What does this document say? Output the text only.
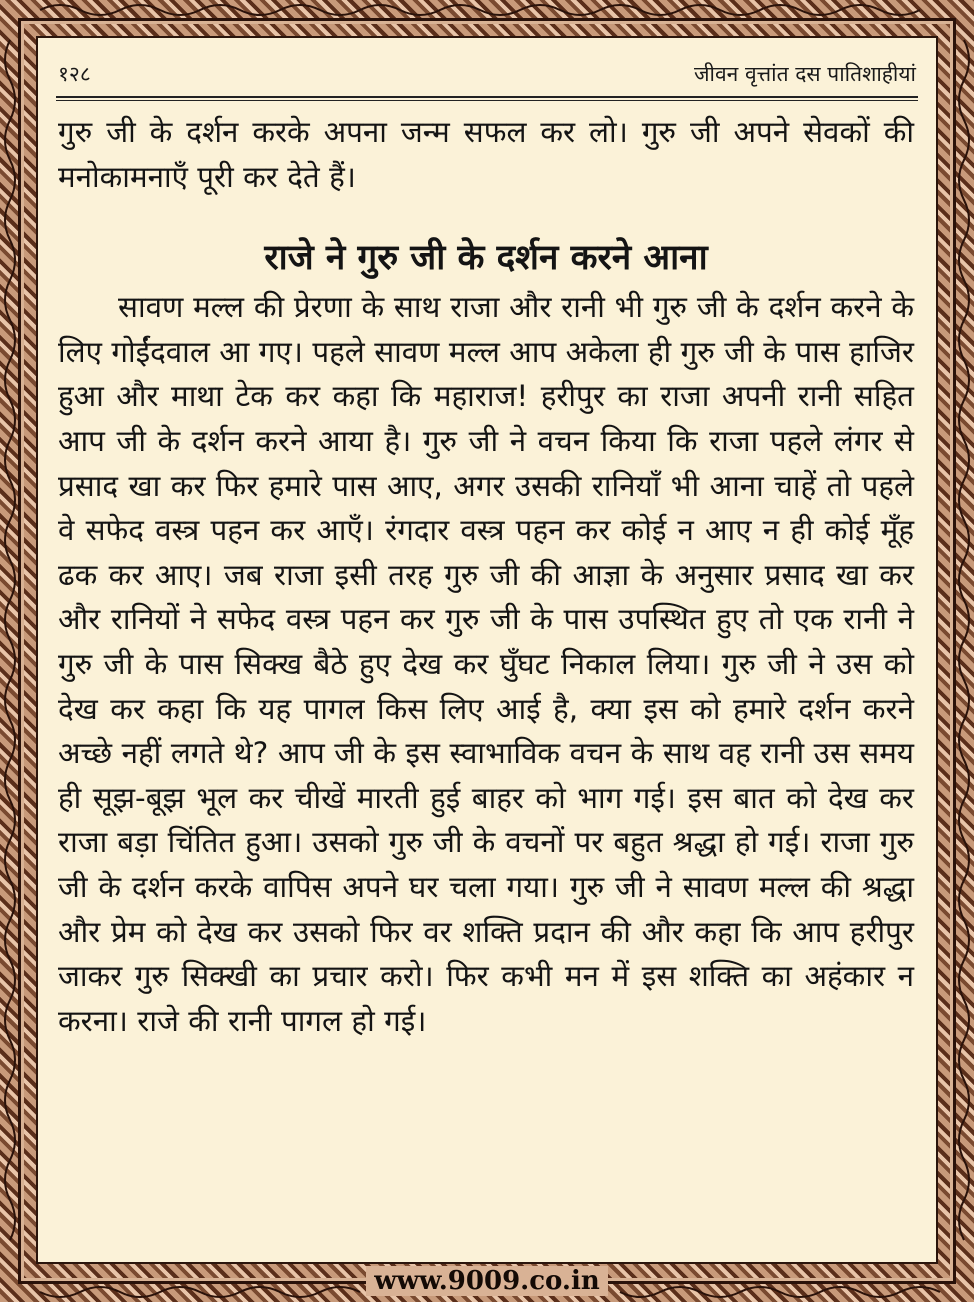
१२८	जीवन वृत्तांत दस पातिशाहीयां

गुरु जी के दर्शन करके अपना जन्म सफल कर लो। गुरु जी अपने सेवकों की मनोकामनाएँ पूरी कर देते हैं।

राजे ने गुरु जी के दर्शन करने आना

सावण मल्ल की प्रेरणा के साथ राजा और रानी भी गुरु जी के दर्शन करने के लिए गोईंदवाल आ गए। पहले सावण मल्ल आप अकेला ही गुरु जी के पास हाजिर हुआ और माथा टेक कर कहा कि महाराज! हरीपुर का राजा अपनी रानी सहित आप जी के दर्शन करने आया है। गुरु जी ने वचन किया कि राजा पहले लंगर से प्रसाद खा कर फिर हमारे पास आए, अगर उसकी रानियाँ भी आना चाहें तो पहले वे सफेद वस्त्र पहन कर आएँ। रंगदार वस्त्र पहन कर कोई न आए न ही कोई मूँह ढक कर आए। जब राजा इसी तरह गुरु जी की आज्ञा के अनुसार प्रसाद खा कर और रानियों ने सफेद वस्त्र पहन कर गुरु जी के पास उपस्थित हुए तो एक रानी ने गुरु जी के पास सिक्ख बैठे हुए देख कर घुँघट निकाल लिया। गुरु जी ने उस को देख कर कहा कि यह पागल किस लिए आई है, क्या इस को हमारे दर्शन करने अच्छे नहीं लगते थे? आप जी के इस स्वाभाविक वचन के साथ वह रानी उस समय ही सूझ-बूझ भूल कर चीखें मारती हुई बाहर को भाग गई। इस बात को देख कर राजा बड़ा चिंतित हुआ। उसको गुरु जी के वचनों पर बहुत श्रद्धा हो गई। राजा गुरु जी के दर्शन करके वापिस अपने घर चला गया। गुरु जी ने सावण मल्ल की श्रद्धा और प्रेम को देख कर उसको फिर वर शक्ति प्रदान की और कहा कि आप हरीपुर जाकर गुरु सिक्खी का प्रचार करो। फिर कभी मन में इस शक्ति का अहंकार न करना। राजे की रानी पागल हो गई।

www.9009.co.in
